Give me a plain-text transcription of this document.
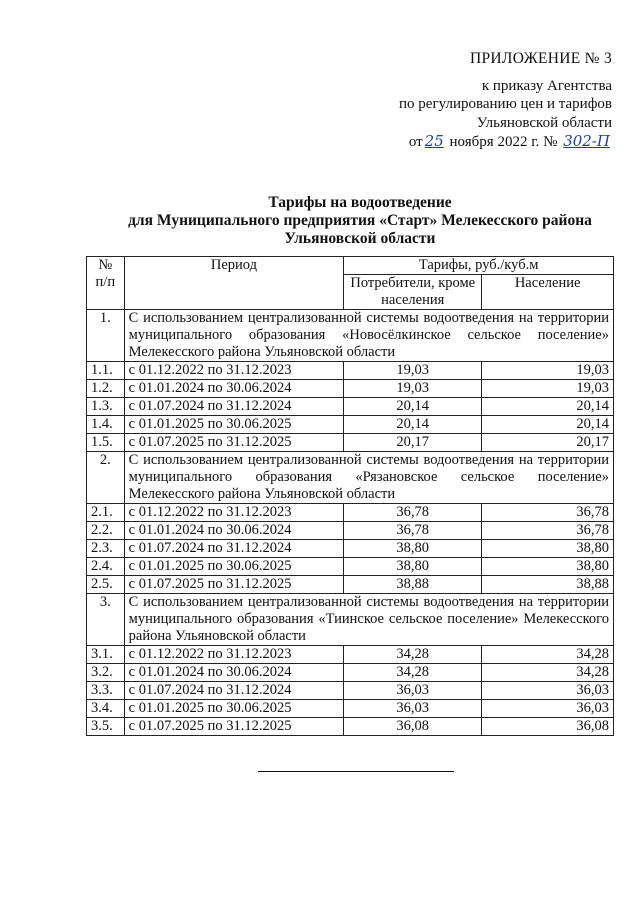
ПРИЛОЖЕНИЕ № 3
к приказу Агентства
по регулированию цен и тарифов
Ульяновской области
от 25 ноября 2022 г. № 302-П
Тарифы на водоотведение
для Муниципального предприятия «Старт» Мелекесского района
Ульяновской области
№ п/п	Период	Тарифы, руб./куб.м	
		Потребители, кроме населения	Население
1.	С использованием централизованной системы водоотведения на территории муниципального образования «Новосёлкинское сельское поселение» Мелекесского района Ульяновской области		
1.1.	с 01.12.2022 по 31.12.2023	19,03	19,03
1.2.	с 01.01.2024 по 30.06.2024	19,03	19,03
1.3.	с 01.07.2024 по 31.12.2024	20,14	20,14
1.4.	с 01.01.2025 по 30.06.2025	20,14	20,14
1.5.	с 01.07.2025 по 31.12.2025	20,17	20,17
2.	С использованием централизованной системы водоотведения на территории муниципального образования «Рязановское сельское поселение» Мелекесского района Ульяновской области		
2.1.	с 01.12.2022 по 31.12.2023	36,78	36,78
2.2.	с 01.01.2024 по 30.06.2024	36,78	36,78
2.3.	с 01.07.2024 по 31.12.2024	38,80	38,80
2.4.	с 01.01.2025 по 30.06.2025	38,80	38,80
2.5.	с 01.07.2025 по 31.12.2025	38,88	38,88
3.	С использованием централизованной системы водоотведения на территории муниципального образования «Тиинское сельское поселение» Мелекесского района Ульяновской области		
3.1.	с 01.12.2022 по 31.12.2023	34,28	34,28
3.2.	с 01.01.2024 по 30.06.2024	34,28	34,28
3.3.	с 01.07.2024 по 31.12.2024	36,03	36,03
3.4.	с 01.01.2025 по 30.06.2025	36,03	36,03
3.5.	с 01.07.2025 по 31.12.2025	36,08	36,08
